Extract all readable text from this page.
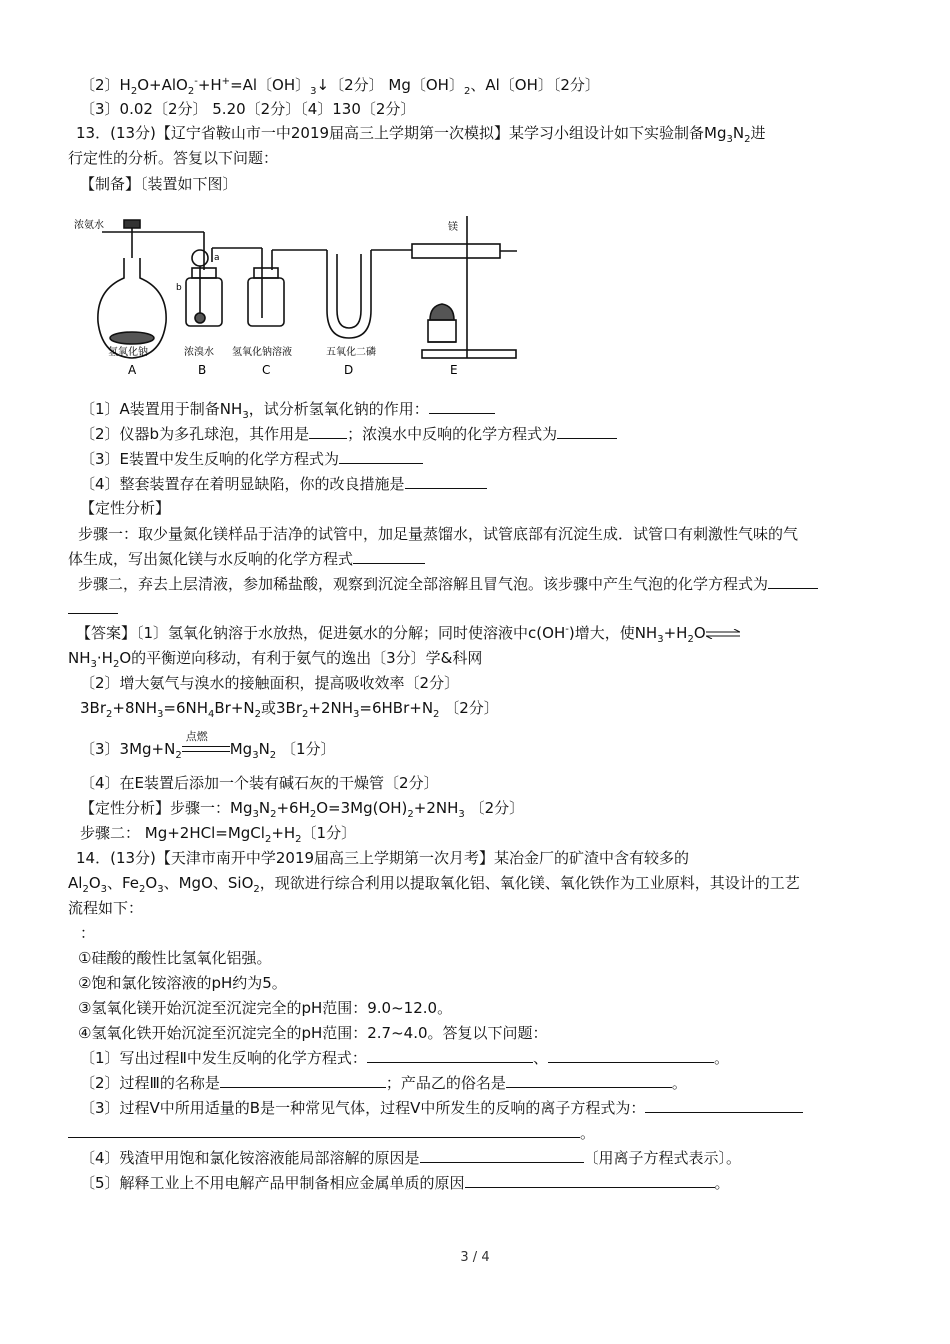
〔2〕$H_2O+AlO_2^-+H^+=Al$〔OH〕$_3$↓〔2分〕 Mg〔OH〕$_2$、Al〔OH〕〔2分〕
〔3〕0.02〔2分〕 5.20〔2分〕〔4〕130〔2分〕
13．(13分)【辽宁省鞍山市一中2019届高三上学期第一次模拟】某学习小组设计如下实验制备$Mg_3N_2$进
行定性的分析。答复以下问题：
【制备】〔装置如下图〕
浓氨水
a
b
镁
氢氧化钠	浓溴水 氢氧化钠溶液	五氧化二磷
A	B	C	D	E
〔1〕A装置用于制备$NH_3$，试分析氢氧化钠的作用：
〔2〕仪器b为多孔球泡，其作用是	；浓溴水中反响的化学方程式为
〔3〕E装置中发生反响的化学方程式为
〔4〕整套装置存在着明显缺陷，你的改良措施是
【定性分析】
步骤一：取少量氮化镁样品于洁净的试管中，加足量蒸馏水，试管底部有沉淀生成．试管口有刺激性气味的气
体生成，写出氮化镁与水反响的化学方程式
步骤二，弃去上层清液，参加稀盐酸，观察到沉淀全部溶解且冒气泡。该步骤中产生气泡的化学方程式为
【答案】〔1〕氢氧化钠溶于水放热，促进氨水的分解；同时使溶液中c(OH-)增大，使$NH_3+H_2O\rightleftharpoons$
$NH_3\cdot H_2O$的平衡逆向移动，有利于氨气的逸出〔3分〕学&科网
〔2〕增大氨气与溴水的接触面积，提高吸收效率〔2分〕
$3Br_2+8NH_3=6NH_4Br+N_2$或$3Br_2+2NH_3=6HBr+N_2$ 〔2分〕
〔3〕$3Mg+N_2$
点燃
$Mg_3N_2$ 〔1分〕
〔4〕在E装置后添加一个装有碱石灰的干燥管〔2分〕
【定性分析】步骤一：$Mg_3N_2+6H_2O=3Mg(OH)_2+2NH_3$ 〔2分〕
步骤二： $Mg+2HCl=MgCl_2+H_2$〔1分〕
14．(13分)【天津市南开中学2019届高三上学期第一次月考】某冶金厂的矿渣中含有较多的
$Al_2O_3$、$Fe_2O_3$、MgO、SiO$_2$，现欲进行综合利用以提取氧化铝、氧化镁、氧化铁作为工业原料，其设计的工艺
流程如下：
：
①硅酸的酸性比氢氧化铝强。
②饱和氯化铵溶液的pH约为5。
③氢氧化镁开始沉淀至沉淀完全的pH范围：9.0~12.0。
④氢氧化铁开始沉淀至沉淀完全的pH范围：2.7~4.0。答复以下问题：
〔1〕写出过程Ⅱ中发生反响的化学方程式：	、	。
〔2〕过程Ⅲ的名称是	；产品乙的俗名是	。
〔3〕过程Ⅴ中所用适量的B是一种常见气体，过程Ⅴ中所发生的反响的离子方程式为：
。
〔4〕残渣甲用饱和氯化铵溶液能局部溶解的原因是	〔用离子方程式表示〕。
〔5〕解释工业上不用电解产品甲制备相应金属单质的原因	。
3 / 4
